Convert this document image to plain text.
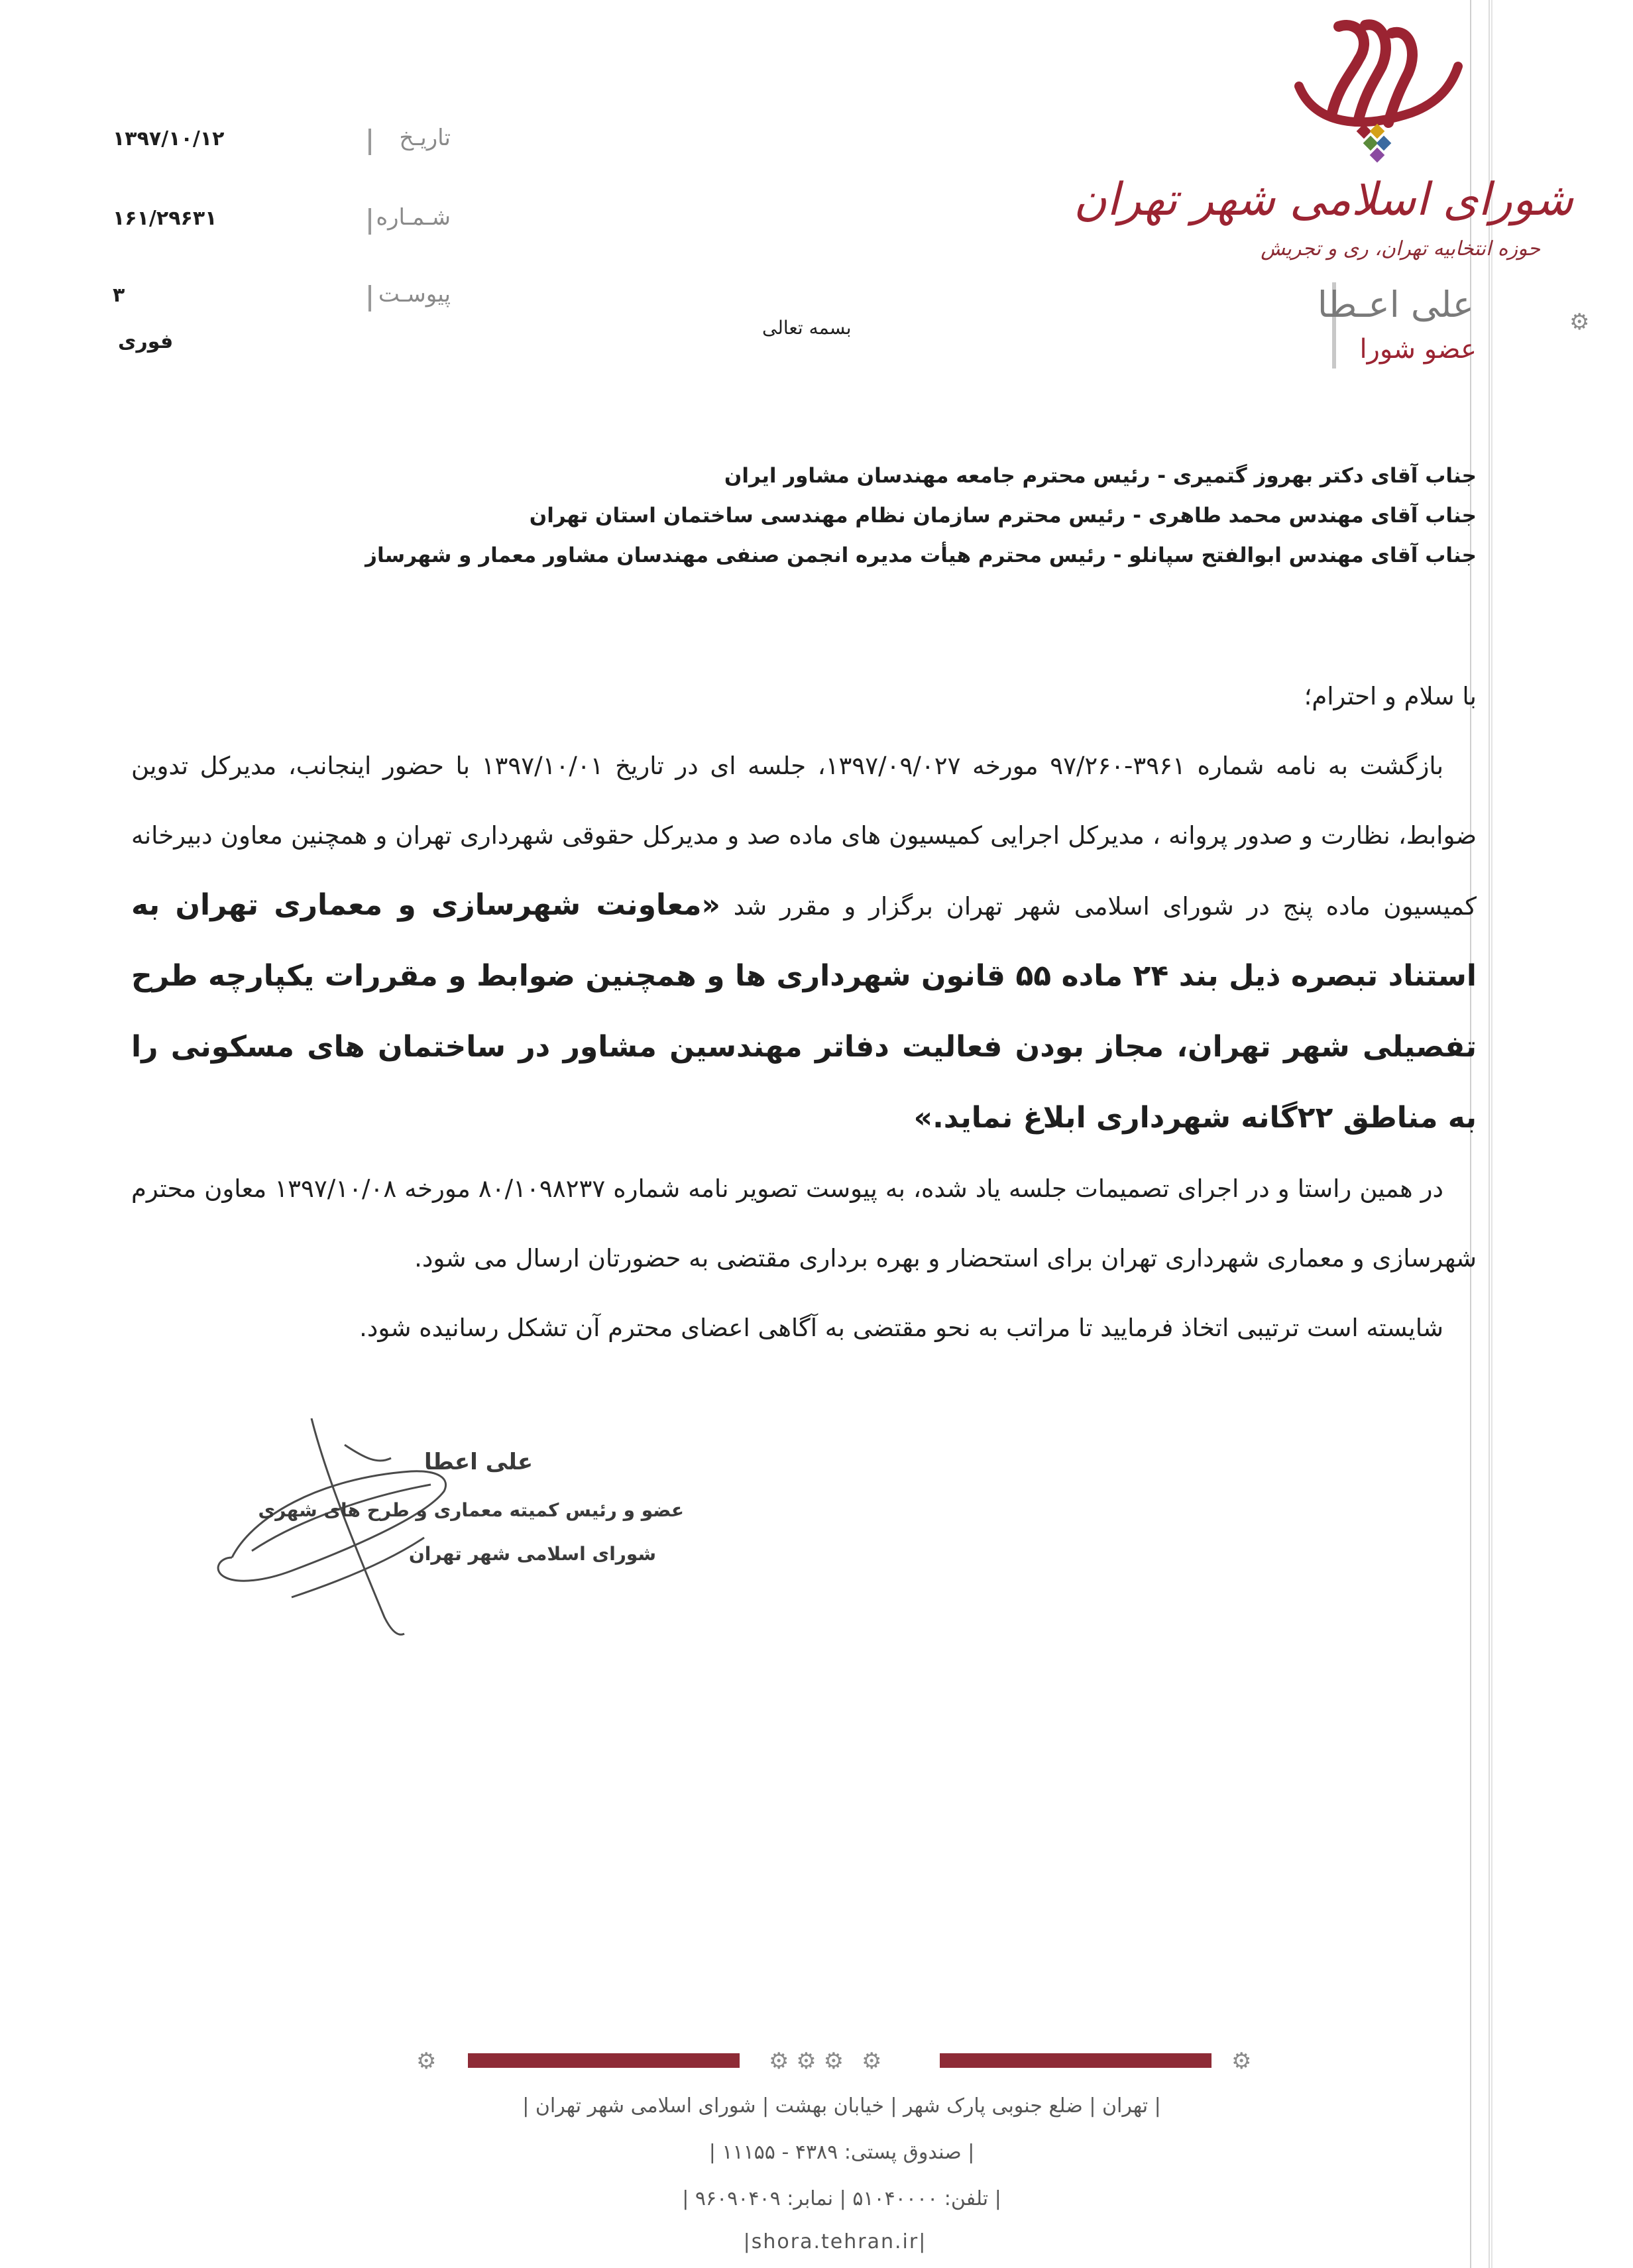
۱۳۹۷/۱۰/۱۲	تاریـخ
۱۶۱/۲۹۶۳۱	شـمـاره
۳	پیوسـت
فوری
بسمه تعالی
شورای اسلامی شهر تهران
حوزه انتخابیه تهران، ری و تجریش
علی اعـطا
عضو شورا
⚙
جناب آقای دکتر بهروز گتمیری - رئیس محترم جامعه مهندسان مشاور ایران
جناب آقای مهندس محمد طاهری - رئیس محترم سازمان نظام مهندسی ساختمان استان تهران
جناب آقای مهندس ابوالفتح سپانلو - رئیس محترم هیأت مدیره انجمن صنفی مهندسان مشاور معمار و شهرساز

با سلام و احترام؛

بازگشت به نامه شماره ۳۹۶۱-۹۷/۲۶۰ مورخه ۱۳۹۷/۰۹/۰۲۷، جلسه ای در تاریخ ۱۳۹۷/۱۰/۰۱ با حضور اینجانب، مدیرکل تدوین ضوابط، نظارت و صدور پروانه ، مدیرکل اجرایی کمیسیون های ماده صد و مدیرکل حقوقی شهرداری تهران و همچنین معاون دبیرخانه کمیسیون ماده پنج در شورای اسلامی شهر تهران برگزار و مقرر شد «معاونت شهرسازی و معماری تهران به استناد تبصره ذیل بند ۲۴ ماده ۵۵ قانون شهرداری ها و همچنین ضوابط و مقررات یکپارچه طرح تفصیلی شهر تهران، مجاز بودن فعالیت دفاتر مهندسین مشاور در ساختمان های مسکونی را به مناطق ۲۲گانه شهرداری ابلاغ نماید.»

در همین راستا و در اجرای تصمیمات جلسه یاد شده، به پیوست تصویر نامه شماره ۸۰/۱۰۹۸۲۳۷ مورخه ۱۳۹۷/۱۰/۰۸ معاون محترم شهرسازی و معماری شهرداری تهران برای استحضار و بهره برداری مقتضی به حضورتان ارسال می شود.

شایسته است ترتیبی اتخاذ فرمایید تا مراتب به نحو مقتضی به آگاهی اعضای محترم آن تشکل رسانیده شود.

علی اعطا
عضو و رئیس کمیته معماری و طرح های شهری
شورای اسلامی شهر تهران
⚙	⚙ ⚙ ⚙ ⚙	⚙
| تهران | ضلع جنوبی پارک شهر | خیابان بهشت | شورای اسلامی شهر تهران |
| صندوق پستی: ۴۳۸۹ - ۱۱۱۵۵ |
| تلفن: ۵۱۰۴۰۰۰۰ | نمابر: ۹۶۰۹۰۴۰۹ |
|shora.tehran.ir|
